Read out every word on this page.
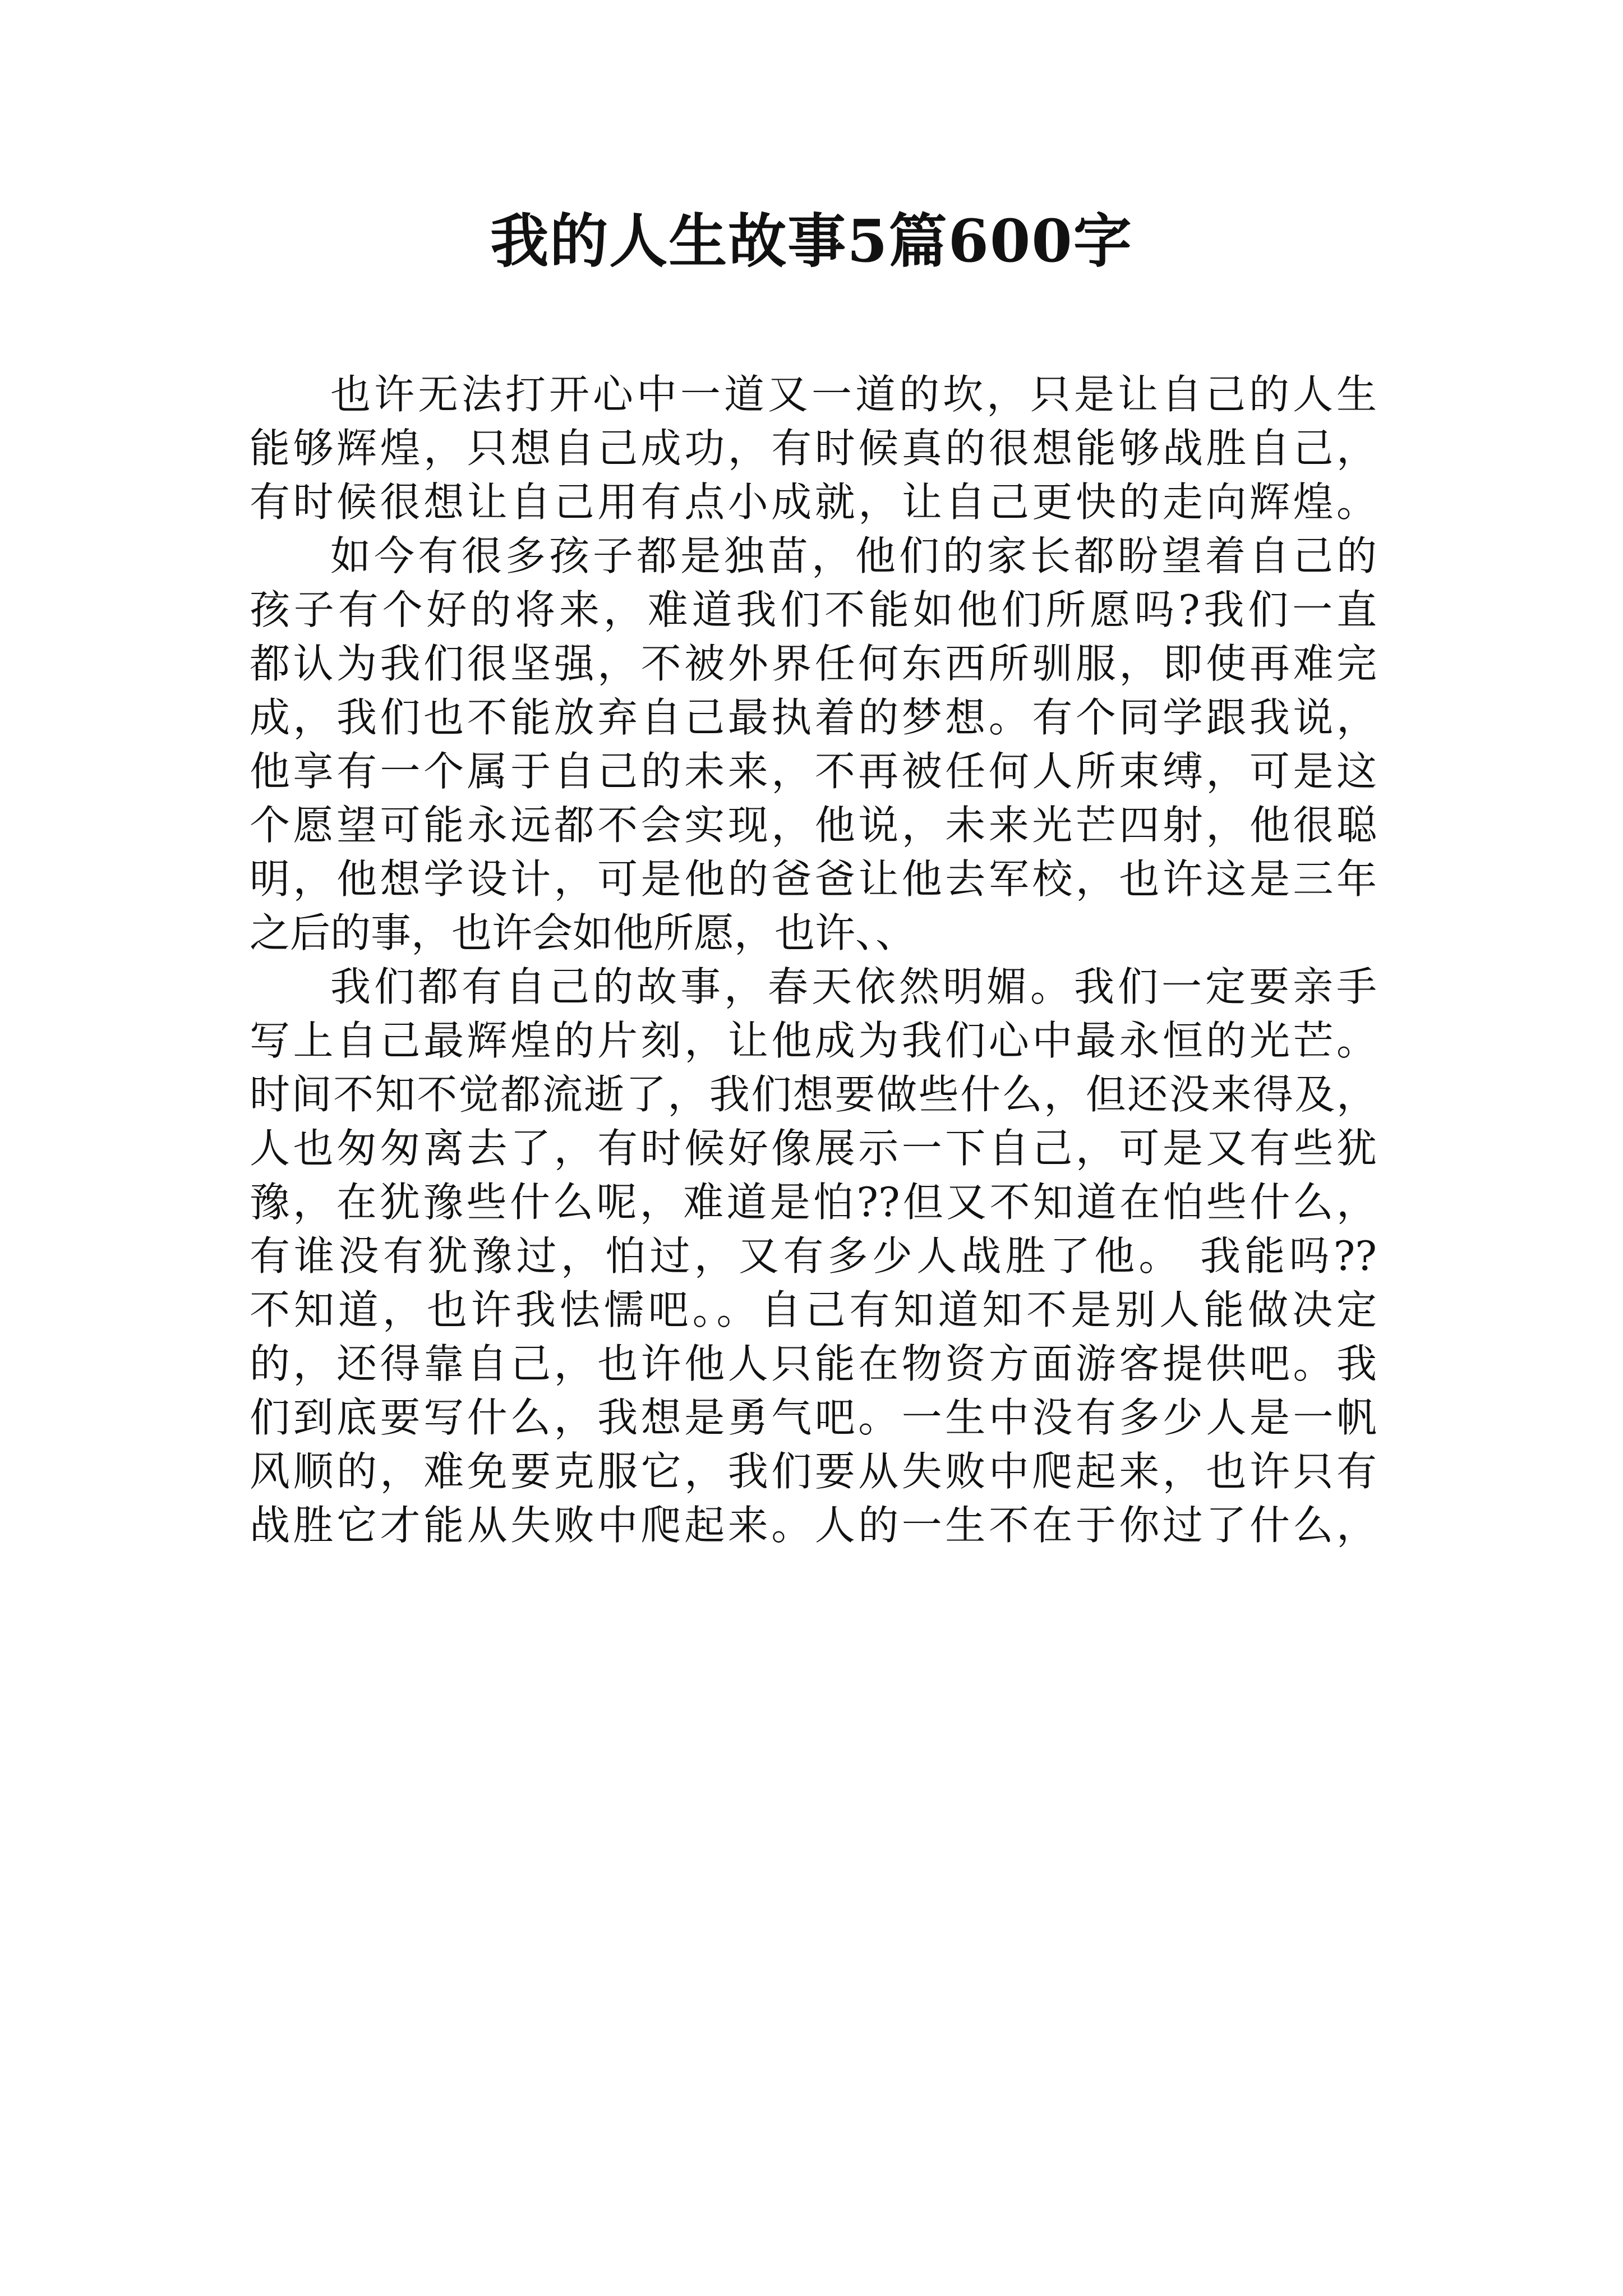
我的人生故事5篇600字
也许无法打开心中一道又一道的坎，只是让自己的人生
能够辉煌，只想自己成功，有时候真的很想能够战胜自己，
有时候很想让自己用有点小成就，让自己更快的走向辉煌。
如今有很多孩子都是独苗，他们的家长都盼望着自己的
孩子有个好的将来，难道我们不能如他们所愿吗?我们一直
都认为我们很坚强，不被外界任何东西所驯服，即使再难完
成，我们也不能放弃自己最执着的梦想。有个同学跟我说，
他享有一个属于自己的未来，不再被任何人所束缚，可是这
个愿望可能永远都不会实现，他说，未来光芒四射，他很聪
明，他想学设计，可是他的爸爸让他去军校，也许这是三年
之后的事，也许会如他所愿，也许、、
我们都有自己的故事，春天依然明媚。我们一定要亲手
写上自己最辉煌的片刻，让他成为我们心中最永恒的光芒。
时间不知不觉都流逝了，我们想要做些什么，但还没来得及，
人也匆匆离去了，有时候好像展示一下自己，可是又有些犹
豫，在犹豫些什么呢，难道是怕??但又不知道在怕些什么，
有谁没有犹豫过，怕过，又有多少人战胜了他。 我能吗??
不知道，也许我怯懦吧。。自己有知道知不是别人能做决定
的，还得靠自己，也许他人只能在物资方面游客提供吧。我
们到底要写什么，我想是勇气吧。一生中没有多少人是一帆
风顺的，难免要克服它，我们要从失败中爬起来，也许只有
战胜它才能从失败中爬起来。人的一生不在于你过了什么，
